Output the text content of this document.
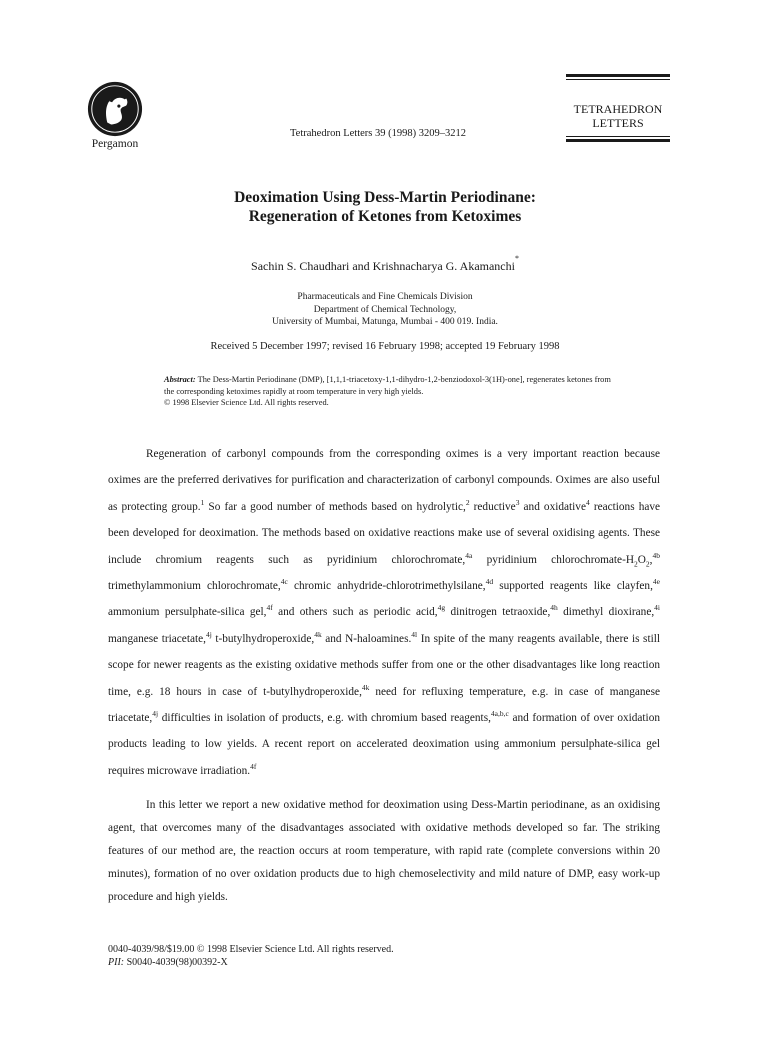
Pergamon
Tetrahedron Letters 39 (1998) 3209–3212
TETRAHEDRON
LETTERS
Deoximation Using Dess-Martin Periodinane:
Regeneration of Ketones from Ketoximes
Sachin S. Chaudhari and Krishnacharya G. Akamanchi*
Pharmaceuticals and Fine Chemicals Division
Department of Chemical Technology,
University of Mumbai, Matunga, Mumbai - 400 019. India.
Received 5 December 1997; revised 16 February 1998; accepted 19 February 1998
Abstract: The Dess-Martin Periodinane (DMP), [1,1,1-triacetoxy-1,1-dihydro-1,2-benziodoxol-3(1H)-one], regenerates ketones from the corresponding ketoximes rapidly at room temperature in very high yields.
© 1998 Elsevier Science Ltd. All rights reserved.
Regeneration of carbonyl compounds from the corresponding oximes is a very important reaction because oximes are the preferred derivatives for purification and characterization of carbonyl compounds. Oximes are also useful as protecting group.$^1$ So far a good number of methods based on hydrolytic,$^2$ reductive$^3$ and oxidative$^4$ reactions have been developed for deoximation. The methods based on oxidative reactions make use of several oxidising agents. These include chromium reagents such as pyridinium chlorochromate,$^{4a}$ pyridinium chlorochromate-$H_2O_2,^{4b}$ trimethylammonium chlorochromate,$^{4c}$ chromic anhydride-chlorotrimethylsilane,$^{4d}$ supported reagents like clayfen,$^{4e}$ ammonium persulphate-silica gel,$^{4f}$ and others such as periodic acid,$^{4g}$ dinitrogen tetraoxide,$^{4h}$ dimethyl dioxirane,$^{4i}$ manganese triacetate,$^{4j}$ t-butylhydroperoxide,$^{4k}$ and N-haloamines.$^{4l}$ In spite of the many reagents available, there is still scope for newer reagents as the existing oxidative methods suffer from one or the other disadvantages like long reaction time, e.g. 18 hours in case of t-butylhydroperoxide,$^{4k}$ need for refluxing temperature, e.g. in case of manganese triacetate,$^{4j}$ difficulties in isolation of products, e.g. with chromium based reagents,$^{4a,b,c}$ and formation of over oxidation products leading to low yields. A recent report on accelerated deoximation using ammonium persulphate-silica gel requires microwave irradiation.$^{4f}$
In this letter we report a new oxidative method for deoximation using Dess-Martin periodinane, as an oxidising agent, that overcomes many of the disadvantages associated with oxidative methods developed so far. The striking features of our method are, the reaction occurs at room temperature, with rapid rate (complete conversions within 20 minutes), formation of no over oxidation products due to high chemoselectivity and mild nature of DMP, easy work-up procedure and high yields.
0040-4039/98/$19.00 © 1998 Elsevier Science Ltd. All rights reserved.
PII: S0040-4039(98)00392-X
